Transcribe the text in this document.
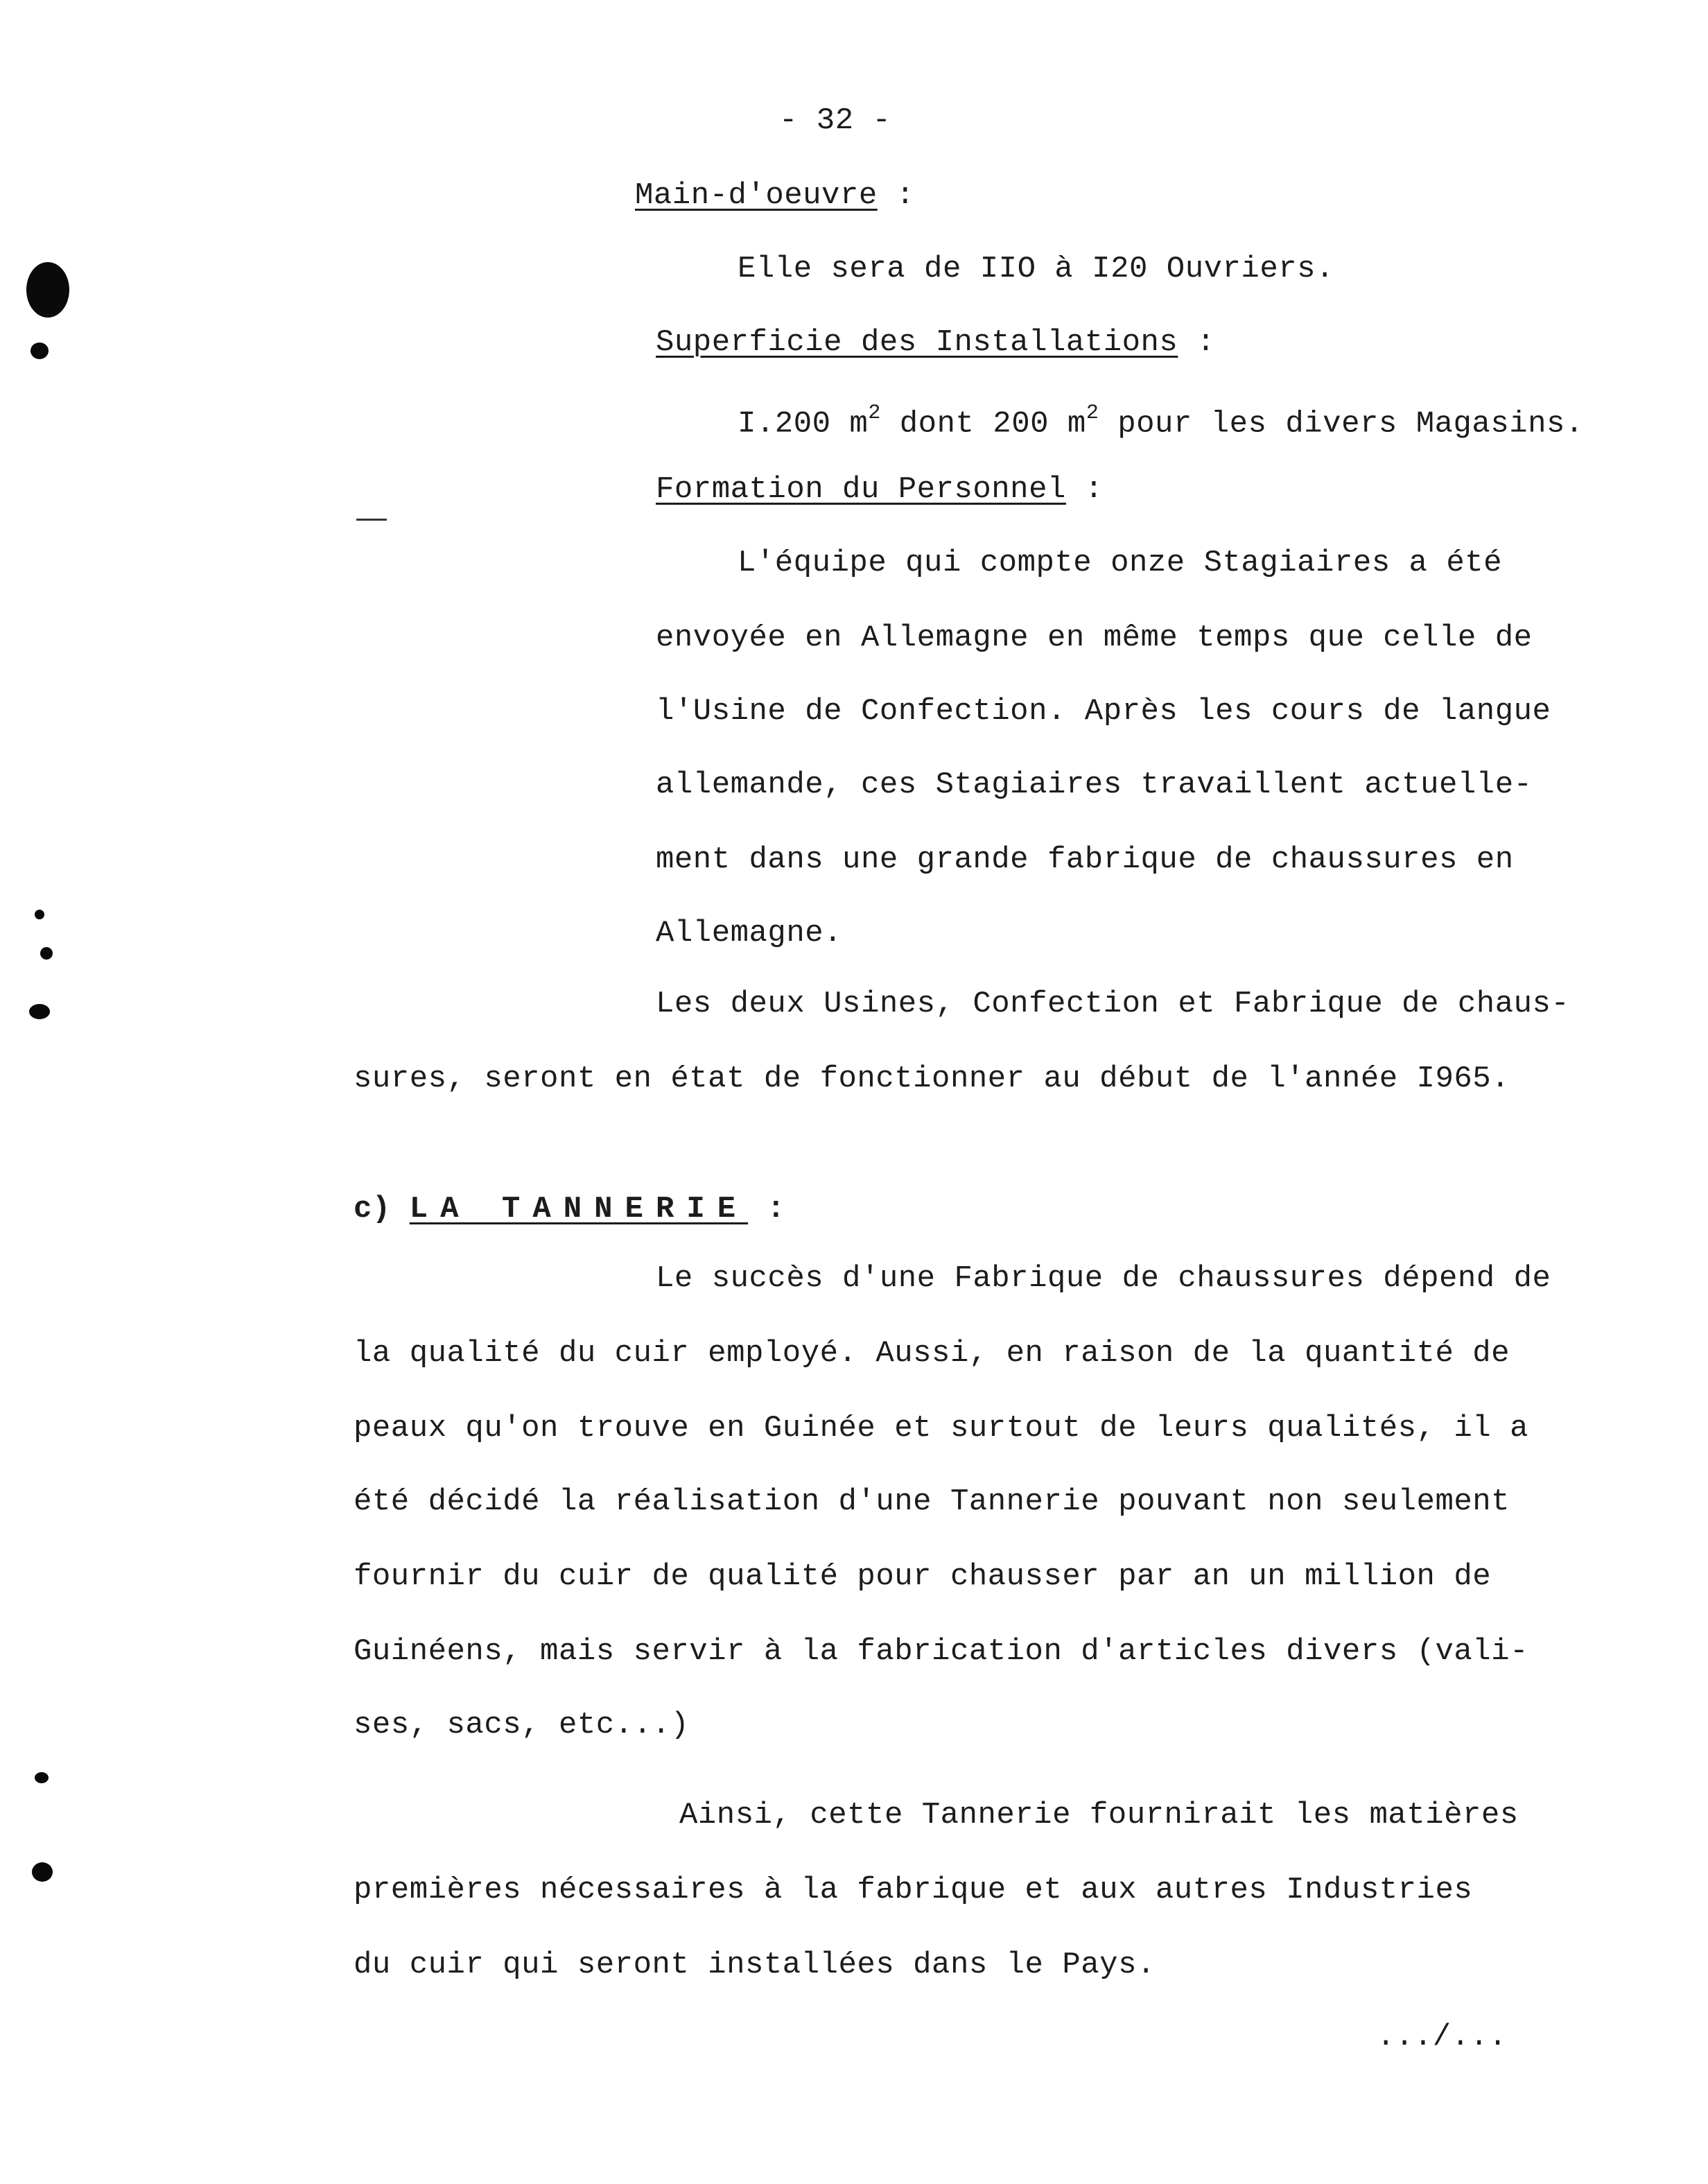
- 32 -
Main-d'oeuvre :
Elle sera de IIO à I20 Ouvriers.
Superficie des Installations :
I.200 $m^2$ dont 200 $m^2$ pour les divers Magasins.
Formation du Personnel :
L'équipe qui compte onze Stagiaires a été
envoyée en Allemagne en même temps que celle de
l'Usine de Confection. Après les cours de langue
allemande, ces Stagiaires travaillent actuelle-
ment dans une grande fabrique de chaussures en
Allemagne.
Les deux Usines, Confection et Fabrique de chaus-
sures, seront en état de fonctionner au début de l'année I965.
c) LA TANNERIE :
Le succès d'une Fabrique de chaussures dépend de
la qualité du cuir employé. Aussi, en raison de la quantité de
peaux qu'on trouve en Guinée et surtout de leurs qualités, il a
été décidé la réalisation d'une Tannerie pouvant non seulement
fournir du cuir de qualité pour chausser par an un million de
Guinéens, mais servir à la fabrication d'articles divers (vali-
ses, sacs, etc...)
Ainsi, cette Tannerie fournirait les matières
premières nécessaires à la fabrique et aux autres Industries
du cuir qui seront installées dans le Pays.
.../...
